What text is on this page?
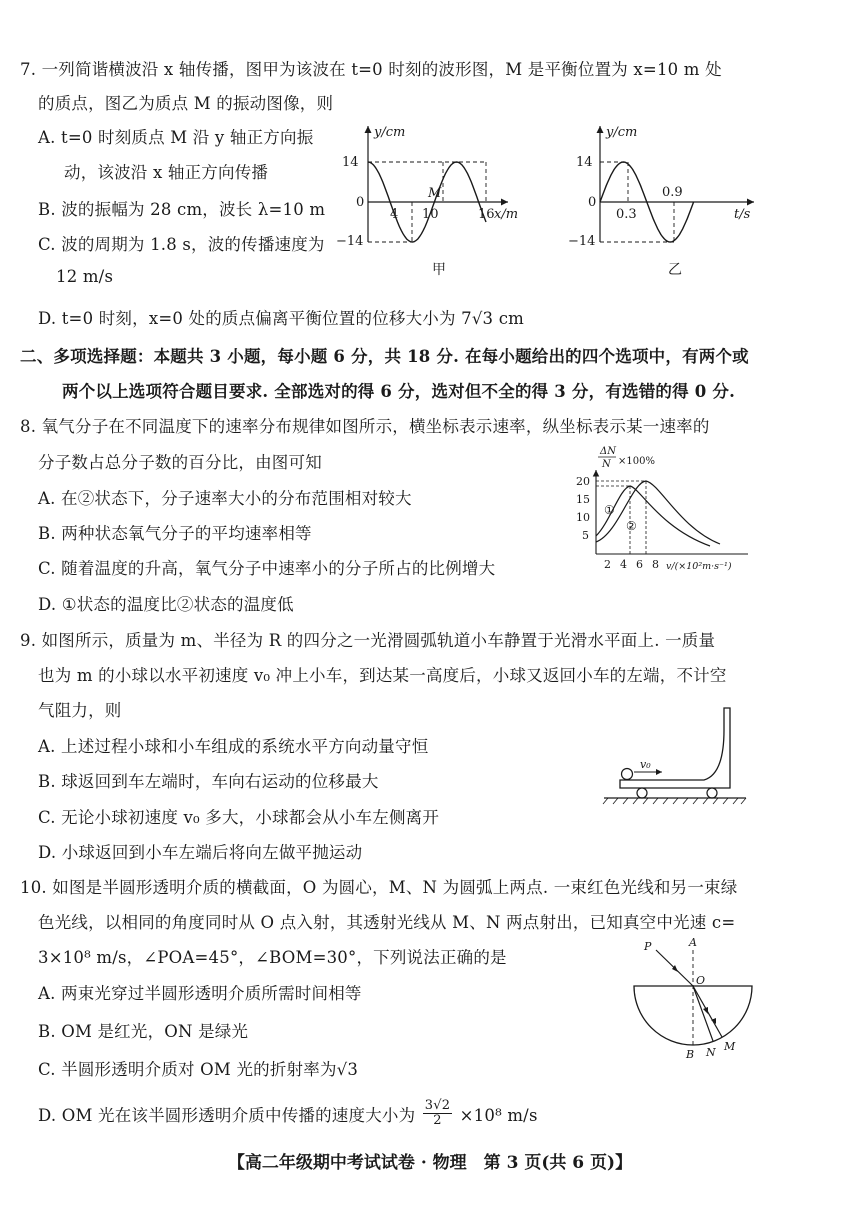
7. 一列简谐横波沿 x 轴传播，图甲为该波在 t=0 时刻的波形图，M 是平衡位置为 x=10 m 处
的质点，图乙为质点 M 的振动图像，则
A. t=0 时刻质点 M 沿 y 轴正方向振
动，该波沿 x 轴正方向传播
B. 波的振幅为 28 cm，波长 λ=10 m
C. 波的周期为 1.8 s，波的传播速度为
12 m/s
D. t=0 时刻，x=0 处的质点偏离平衡位置的位移大小为 7√3 cm
y/cm
x/m
14
0
−14
4 10	16
M
甲
y/cm
t/s
14
0
−14
0.3
0.9
乙
二、多项选择题：本题共 3 小题，每小题 6 分，共 18 分. 在每小题给出的四个选项中，有两个或
两个以上选项符合题目要求. 全部选对的得 6 分，选对但不全的得 3 分，有选错的得 0 分.
8. 氧气分子在不同温度下的速率分布规律如图所示，横坐标表示速率，纵坐标表示某一速率的
分子数占总分子数的百分比，由图可知
A. 在②状态下，分子速率大小的分布范围相对较大
B. 两种状态氧气分子的平均速率相等
C. 随着温度的升高，氧气分子中速率小的分子所占的比例增大
D. ①状态的温度比②状态的温度低
ΔN
N ×100%
20
15
10
5
①
②
2 4 6 8 v/(×10²m·s⁻¹)
9. 如图所示，质量为 m、半径为 R 的四分之一光滑圆弧轨道小车静置于光滑水平面上. 一质量
也为 m 的小球以水平初速度 v₀ 冲上小车，到达某一高度后，小球又返回小车的左端，不计空
气阻力，则
A. 上述过程小球和小车组成的系统水平方向动量守恒
B. 球返回到车左端时，车向右运动的位移最大
C. 无论小球初速度 v₀ 多大，小球都会从小车左侧离开
D. 小球返回到小车左端后将向左做平抛运动
v₀
10. 如图是半圆形透明介质的横截面，O 为圆心，M、N 为圆弧上两点. 一束红色光线和另一束绿
色光线，以相同的角度同时从 O 点入射，其透射光线从 M、N 两点射出，已知真空中光速 c=
3×10⁸ m/s，∠POA=45°，∠BOM=30°，下列说法正确的是
A. 两束光穿过半圆形透明介质所需时间相等
B. OM 是红光，ON 是绿光
C. 半圆形透明介质对 OM 光的折射率为√3
D. OM 光在该半圆形透明介质中传播的速度大小为 $\frac{3√2}{2} \times 10^8$ m/s
P	A
O
B N M
【高二年级期中考试试卷 · 物理　第 3 页(共 6 页)】
